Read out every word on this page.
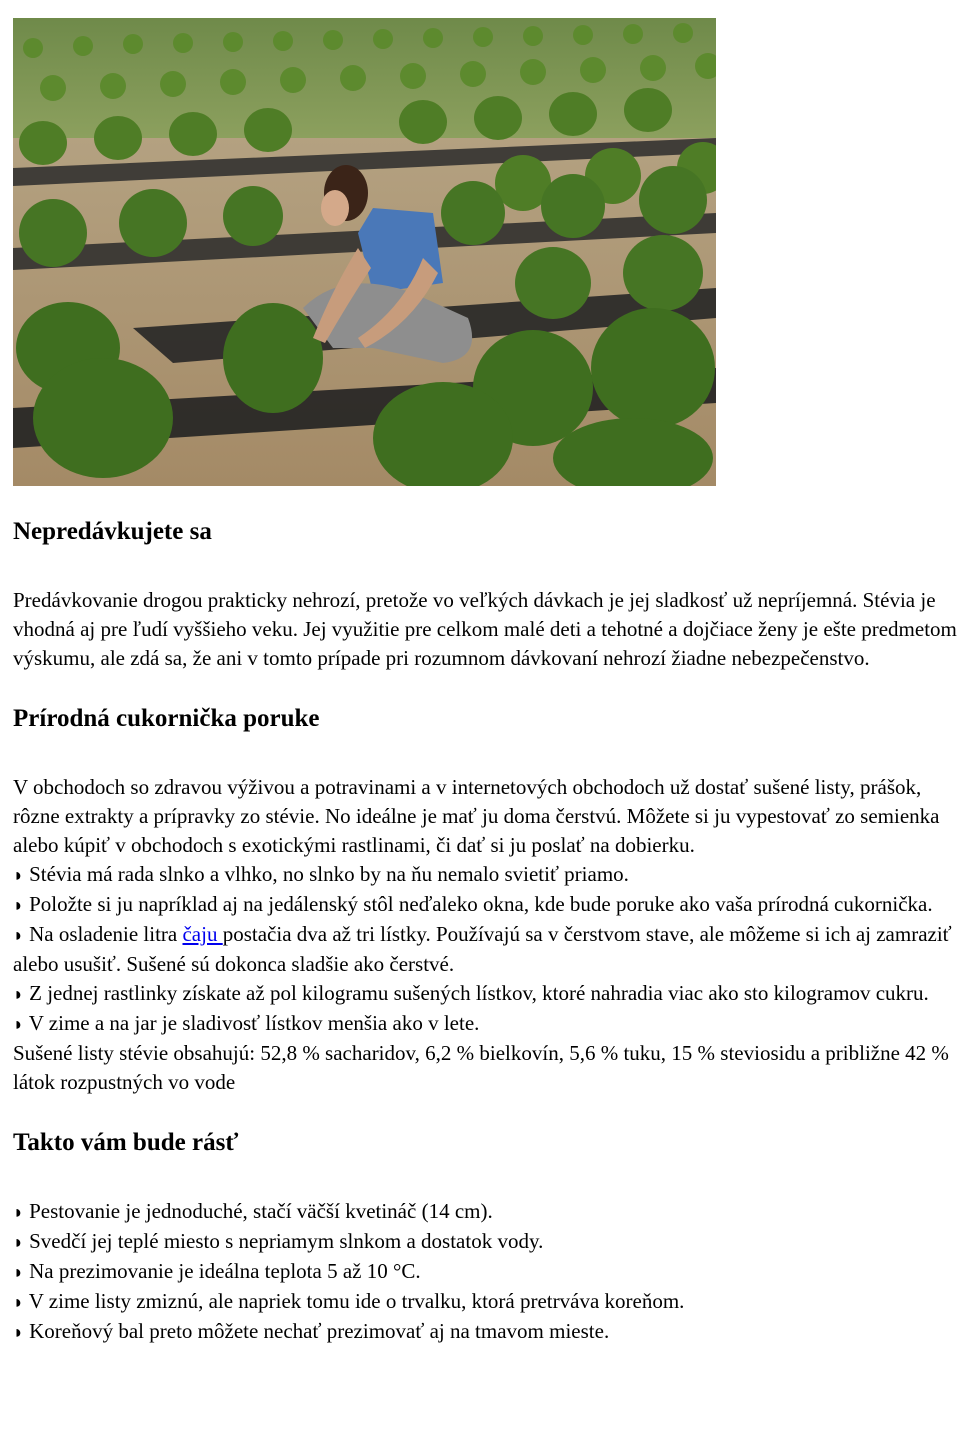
Nepredávkujete sa

Predávkovanie drogou prakticky nehrozí, pretože vo veľkých dávkach je jej sladkosť už nepríjemná. Stévia je vhodná aj pre ľudí vyššieho veku. Jej využitie pre celkom malé deti a tehotné a dojčiace ženy je ešte predmetom výskumu, ale zdá sa, že ani v tomto prípade pri rozumnom dávkovaní nehrozí žiadne nebezpečenstvo.

Prírodná cukornička poruke

V obchodoch so zdravou výživou a potravinami a v internetových obchodoch už dostať sušené listy, prášok, rôzne extrakty a prípravky zo stévie. No ideálne je mať ju doma čerstvú. Môžete si ju vypestovať zo semienka alebo kúpiť v obchodoch s exotickými rastlinami, či dať si ju poslať na dobierku.

◗ Stévia má rada slnko a vlhko, no slnko by na ňu nemalo svietiť priamo.

◗ Položte si ju napríklad aj na jedálenský stôl neďaleko okna, kde bude poruke ako vaša prírodná cukornička.

◗ Na osladenie litra čaju postačia dva až tri lístky. Používajú sa v čerstvom stave, ale môžeme si ich aj zamraziť alebo usušiť. Sušené sú dokonca sladšie ako čerstvé.

◗ Z jednej rastlinky získate až pol kilogramu sušených lístkov, ktoré nahradia viac ako sto kilogramov cukru.

◗ V zime a na jar je sladivosť lístkov menšia ako v lete.

Sušené listy stévie obsahujú: 52,8 % sacharidov, 6,2 % bielkovín, 5,6 % tuku, 15 % steviosidu a približne 42 % látok rozpustných vo vode

Takto vám bude rásť

◗ Pestovanie je jednoduché, stačí väčší kvetináč (14 cm).

◗ Svedčí jej teplé miesto s nepriamym slnkom a dostatok vody.

◗ Na prezimovanie je ideálna teplota 5 až 10 °C.

◗ V zime listy zmiznú, ale napriek tomu ide o trvalku, ktorá pretrváva koreňom.

◗ Koreňový bal preto môžete nechať prezimovať aj na tmavom mieste.
